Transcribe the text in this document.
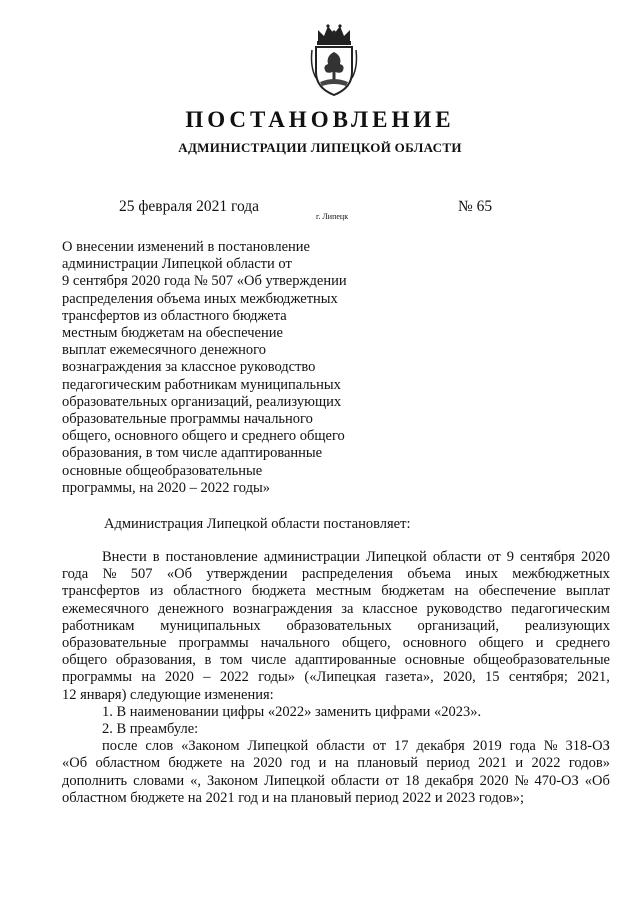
ПОСТАНОВЛЕНИЕ
АДМИНИСТРАЦИИ ЛИПЕЦКОЙ ОБЛАСТИ
25 февраля 2021 года
г. Липецк
№ 65
О внесении изменений в постановление
администрации Липецкой области от
9 сентября 2020 года № 507 «Об утверждении
распределения объема иных межбюджетных
трансфертов из областного бюджета
местным бюджетам на обеспечение
выплат ежемесячного денежного
вознаграждения за классное руководство
педагогическим работникам муниципальных
образовательных организаций, реализующих
образовательные программы начального
общего, основного общего и среднего общего
образования, в том числе адаптированные
основные общеобразовательные
программы, на 2020 – 2022 годы»
Администрация Липецкой области постановляет:
Внести в постановление администрации Липецкой области от 9 сентября 2020
года № 507 «Об утверждении распределения объема иных межбюджетных
трансфертов из областного бюджета местным бюджетам на обеспечение выплат
ежемесячного денежного вознаграждения за классное руководство педагогическим
работникам муниципальных образовательных организаций, реализующих
образовательные программы начального общего, основного общего и среднего
общего образования, в том числе адаптированные основные общеобразовательные
программы на 2020 – 2022 годы» («Липецкая газета», 2020, 15 сентября; 2021,
12 января) следующие изменения:
1. В наименовании цифры «2022» заменить цифрами «2023».
2. В преамбуле:
после слов «Законом Липецкой области от 17 декабря 2019 года № 318-ОЗ
«Об областном бюджете на 2020 год и на плановый период 2021 и 2022 годов»
дополнить словами «, Законом Липецкой области от 18 декабря 2020 № 470-ОЗ «Об
областном бюджете на 2021 год и на плановый период 2022 и 2023 годов»;
